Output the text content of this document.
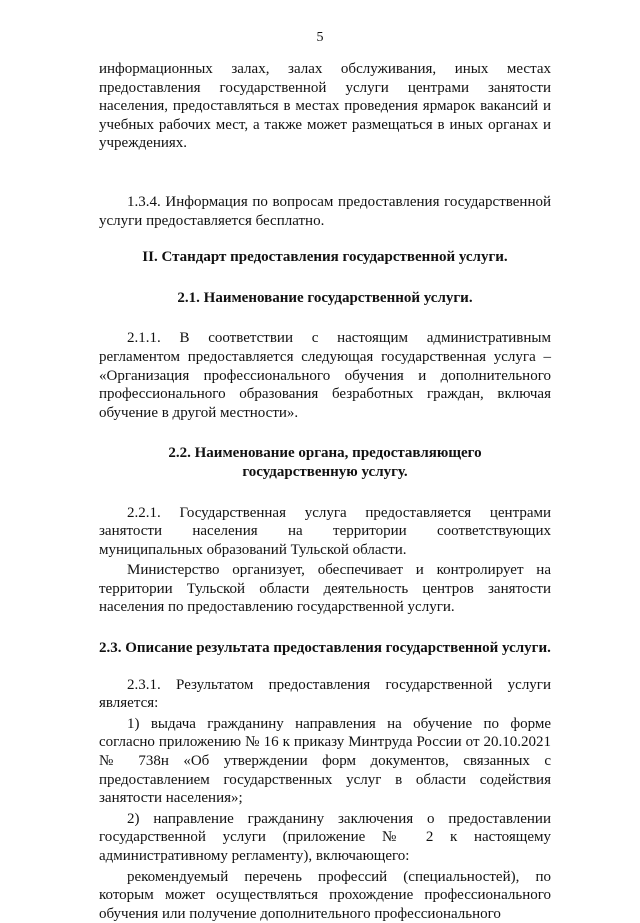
5

информационных залах, залах обслуживания, иных местах предоставления государственной услуги центрами занятости населения, предоставляться в местах проведения ярмарок вакансий и учебных рабочих мест, а также может размещаться в иных органах и учреждениях.

1.3.4. Информация по вопросам предоставления государственной услуги предоставляется бесплатно.

II. Стандарт предоставления государственной услуги.

2.1. Наименование государственной услуги.

2.1.1. В соответствии с настоящим административным регламентом предоставляется следующая государственная услуга – «Организация профессионального обучения и дополнительного профессионального образования безработных граждан, включая обучение в другой местности».

2.2. Наименование органа, предоставляющего

государственную услугу.

2.2.1. Государственная услуга предоставляется центрами занятости населения на территории соответствующих муниципальных образований Тульской области.

Министерство организует, обеспечивает и контролирует на территории Тульской области деятельность центров занятости населения по предоставлению государственной услуги.

2.3. Описание результата предоставления государственной услуги.

2.3.1. Результатом предоставления государственной услуги является:

1) выдача гражданину направления на обучение по форме согласно приложению № 16 к приказу Минтруда России от 20.10.2021 № 738н «Об утверждении форм документов, связанных с предоставлением государственных услуг в области содействия занятости населения»;

2) направление гражданину заключения о предоставлении государственной услуги (приложение № 2 к настоящему административному регламенту), включающего:

рекомендуемый перечень профессий (специальностей), по которым может осуществляться прохождение профессионального обучения или получение дополнительного профессионального
